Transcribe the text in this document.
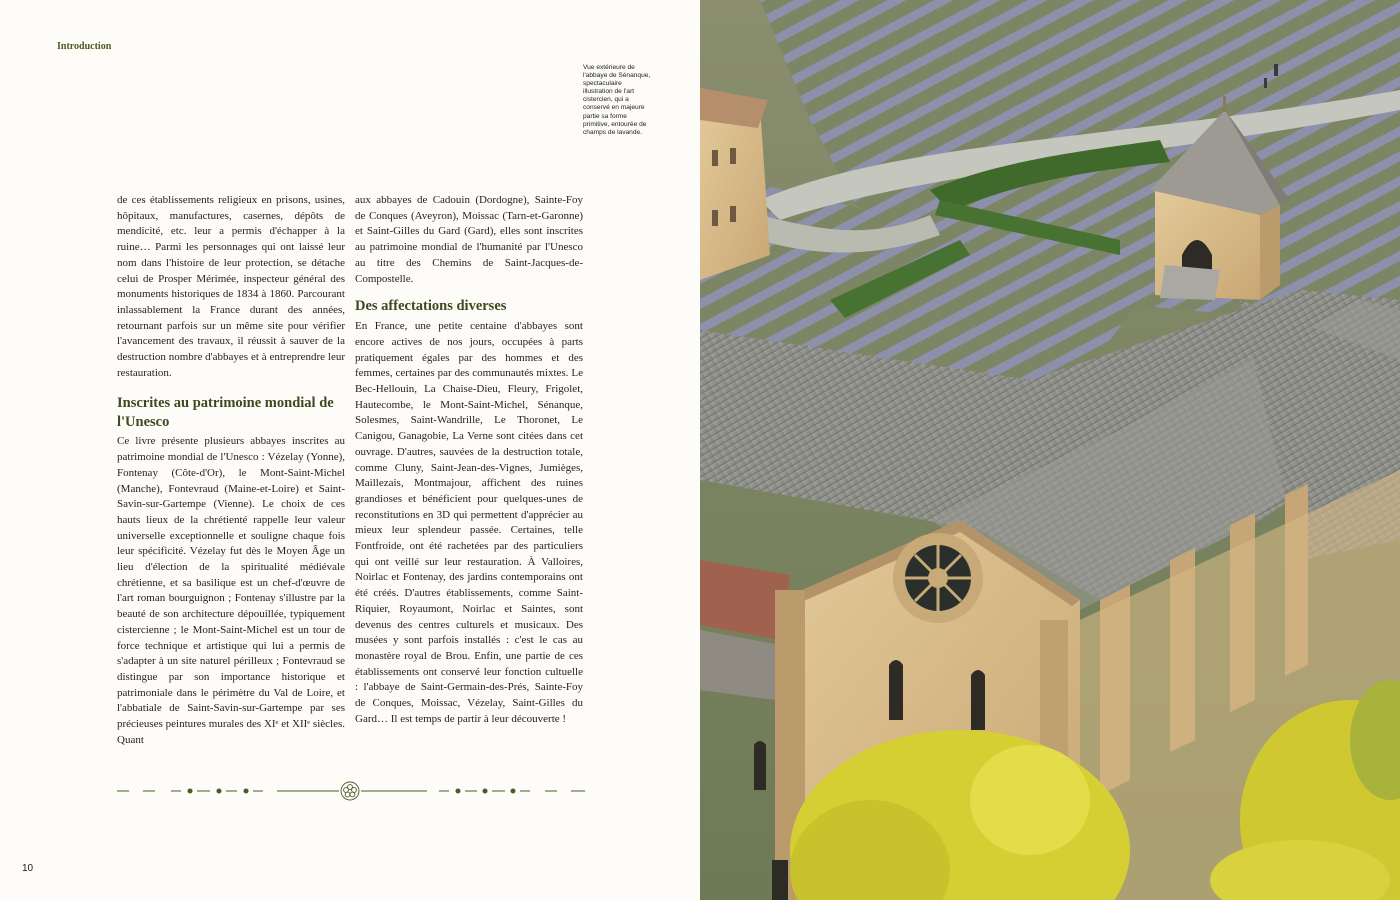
Introduction
Vue extérieure de l'abbaye de Sénanque, spectaculaire illustration de l'art cistercien, qui a conservé en majeure partie sa forme primitive, entourée de champs de lavande.

de ces établissements religieux en prisons, usines, hôpitaux, manufactures, casernes, dépôts de mendicité, etc. leur a permis d'échapper à la ruine… Parmi les personnages qui ont laissé leur nom dans l'histoire de leur protection, se détache celui de Prosper Mérimée, inspecteur général des monuments historiques de 1834 à 1860. Parcourant inlassablement la France durant des années, retournant parfois sur un même site pour vérifier l'avancement des travaux, il réussit à sauver de la destruction nombre d'abbayes et à entreprendre leur restauration.

Inscrites au patrimoine mondial de l'Unesco

Ce livre présente plusieurs abbayes inscrites au patrimoine mondial de l'Unesco : Vézelay (Yonne), Fontenay (Côte-d'Or), le Mont-Saint-Michel (Manche), Fontevraud (Maine-et-Loire) et Saint-Savin-sur-Gartempe (Vienne). Le choix de ces hauts lieux de la chrétienté rappelle leur valeur universelle exceptionnelle et souligne chaque fois leur spécificité. Vézelay fut dès le Moyen Âge un lieu d'élection de la spiritualité médiévale chrétienne, et sa basilique est un chef-d'œuvre de l'art roman bourguignon ; Fontenay s'illustre par la beauté de son architecture dépouillée, typiquement cistercienne ; le Mont-Saint-Michel est un tour de force technique et artistique qui lui a permis de s'adapter à un site naturel périlleux ; Fontevraud se distingue par son importance historique et patrimoniale dans le périmètre du Val de Loire, et l'abbatiale de Saint-Savin-sur-Gartempe par ses précieuses peintures murales des XIᵉ et XIIᵉ siècles. Quant

aux abbayes de Cadouin (Dordogne), Sainte-Foy de Conques (Aveyron), Moissac (Tarn-et-Garonne) et Saint-Gilles du Gard (Gard), elles sont inscrites au patrimoine mondial de l'humanité par l'Unesco au titre des Chemins de Saint-Jacques-de-Compostelle.

Des affectations diverses

En France, une petite centaine d'abbayes sont encore actives de nos jours, occupées à parts pratiquement égales par des hommes et des femmes, certaines par des communautés mixtes. Le Bec-Hellouin, La Chaise-Dieu, Fleury, Frigolet, Hautecombe, le Mont-Saint-Michel, Sénanque, Solesmes, Saint-Wandrille, Le Thoronet, Le Canigou, Ganagobie, La Verne sont citées dans cet ouvrage. D'autres, sauvées de la destruction totale, comme Cluny, Saint-Jean-des-Vignes, Jumièges, Maillezais, Montmajour, affichent des ruines grandioses et bénéficient pour quelques-unes de reconstitutions en 3D qui permettent d'apprécier au mieux leur splendeur passée. Certaines, telle Fontfroide, ont été rachetées par des particuliers qui ont veillé sur leur restauration. À Valloires, Noirlac et Fontenay, des jardins contemporains ont été créés. D'autres établissements, comme Saint-Riquier, Royaumont, Noirlac et Saintes, sont devenus des centres culturels et musicaux. Des musées y sont parfois installés : c'est le cas au monastère royal de Brou. Enfin, une partie de ces établissements ont conservé leur fonction cultuelle : l'abbaye de Saint-Germain-des-Prés, Sainte-Foy de Conques, Moissac, Vézelay, Saint-Gilles du Gard… Il est temps de partir à leur découverte !

10
